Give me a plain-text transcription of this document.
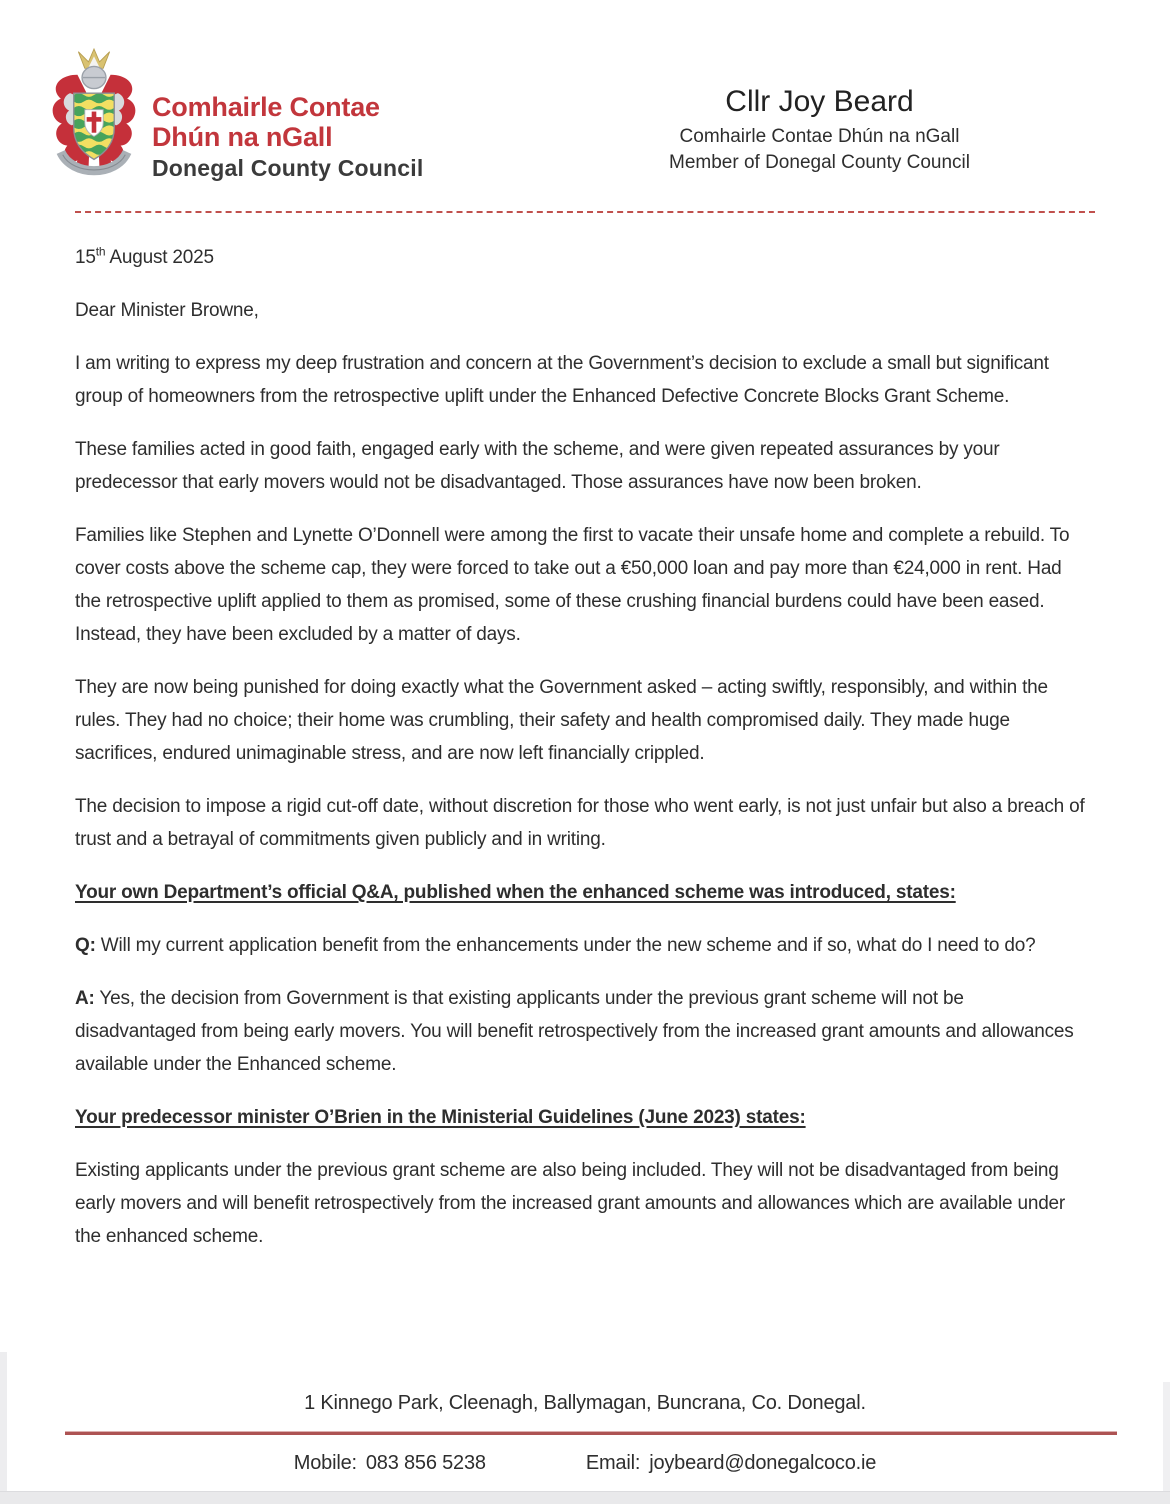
Comhairle Contae
Dhún na nGall
Donegal County Council
Cllr Joy Beard
Comhairle Contae Dhún na nGall
Member of Donegal County Council

15th August 2025

Dear Minister Browne,

I am writing to express my deep frustration and concern at the Government’s decision to exclude a small but significant group of homeowners from the retrospective uplift under the Enhanced Defective Concrete Blocks Grant Scheme.

These families acted in good faith, engaged early with the scheme, and were given repeated assurances by your predecessor that early movers would not be disadvantaged. Those assurances have now been broken.

Families like Stephen and Lynette O’Donnell were among the first to vacate their unsafe home and complete a rebuild. To cover costs above the scheme cap, they were forced to take out a €50,000 loan and pay more than €24,000 in rent. Had the retrospective uplift applied to them as promised, some of these crushing financial burdens could have been eased. Instead, they have been excluded by a matter of days.

They are now being punished for doing exactly what the Government asked – acting swiftly, responsibly, and within the rules. They had no choice; their home was crumbling, their safety and health compromised daily. They made huge sacrifices, endured unimaginable stress, and are now left financially crippled.

The decision to impose a rigid cut-off date, without discretion for those who went early, is not just unfair but also a breach of trust and a betrayal of commitments given publicly and in writing.

Your own Department’s official Q&A, published when the enhanced scheme was introduced, states:

Q: Will my current application benefit from the enhancements under the new scheme and if so, what do I need to do?

A: Yes, the decision from Government is that existing applicants under the previous grant scheme will not be disadvantaged from being early movers. You will benefit retrospectively from the increased grant amounts and allowances available under the Enhanced scheme.

Your predecessor minister O’Brien in the Ministerial Guidelines (June 2023) states:

Existing applicants under the previous grant scheme are also being included. They will not be disadvantaged from being early movers and will benefit retrospectively from the increased grant amounts and allowances which are available under the enhanced scheme.

1 Kinnego Park, Cleenagh, Ballymagan, Buncrana, Co. Donegal.
Mobile: 083 856 5238	Email: joybeard@donegalcoco.ie
